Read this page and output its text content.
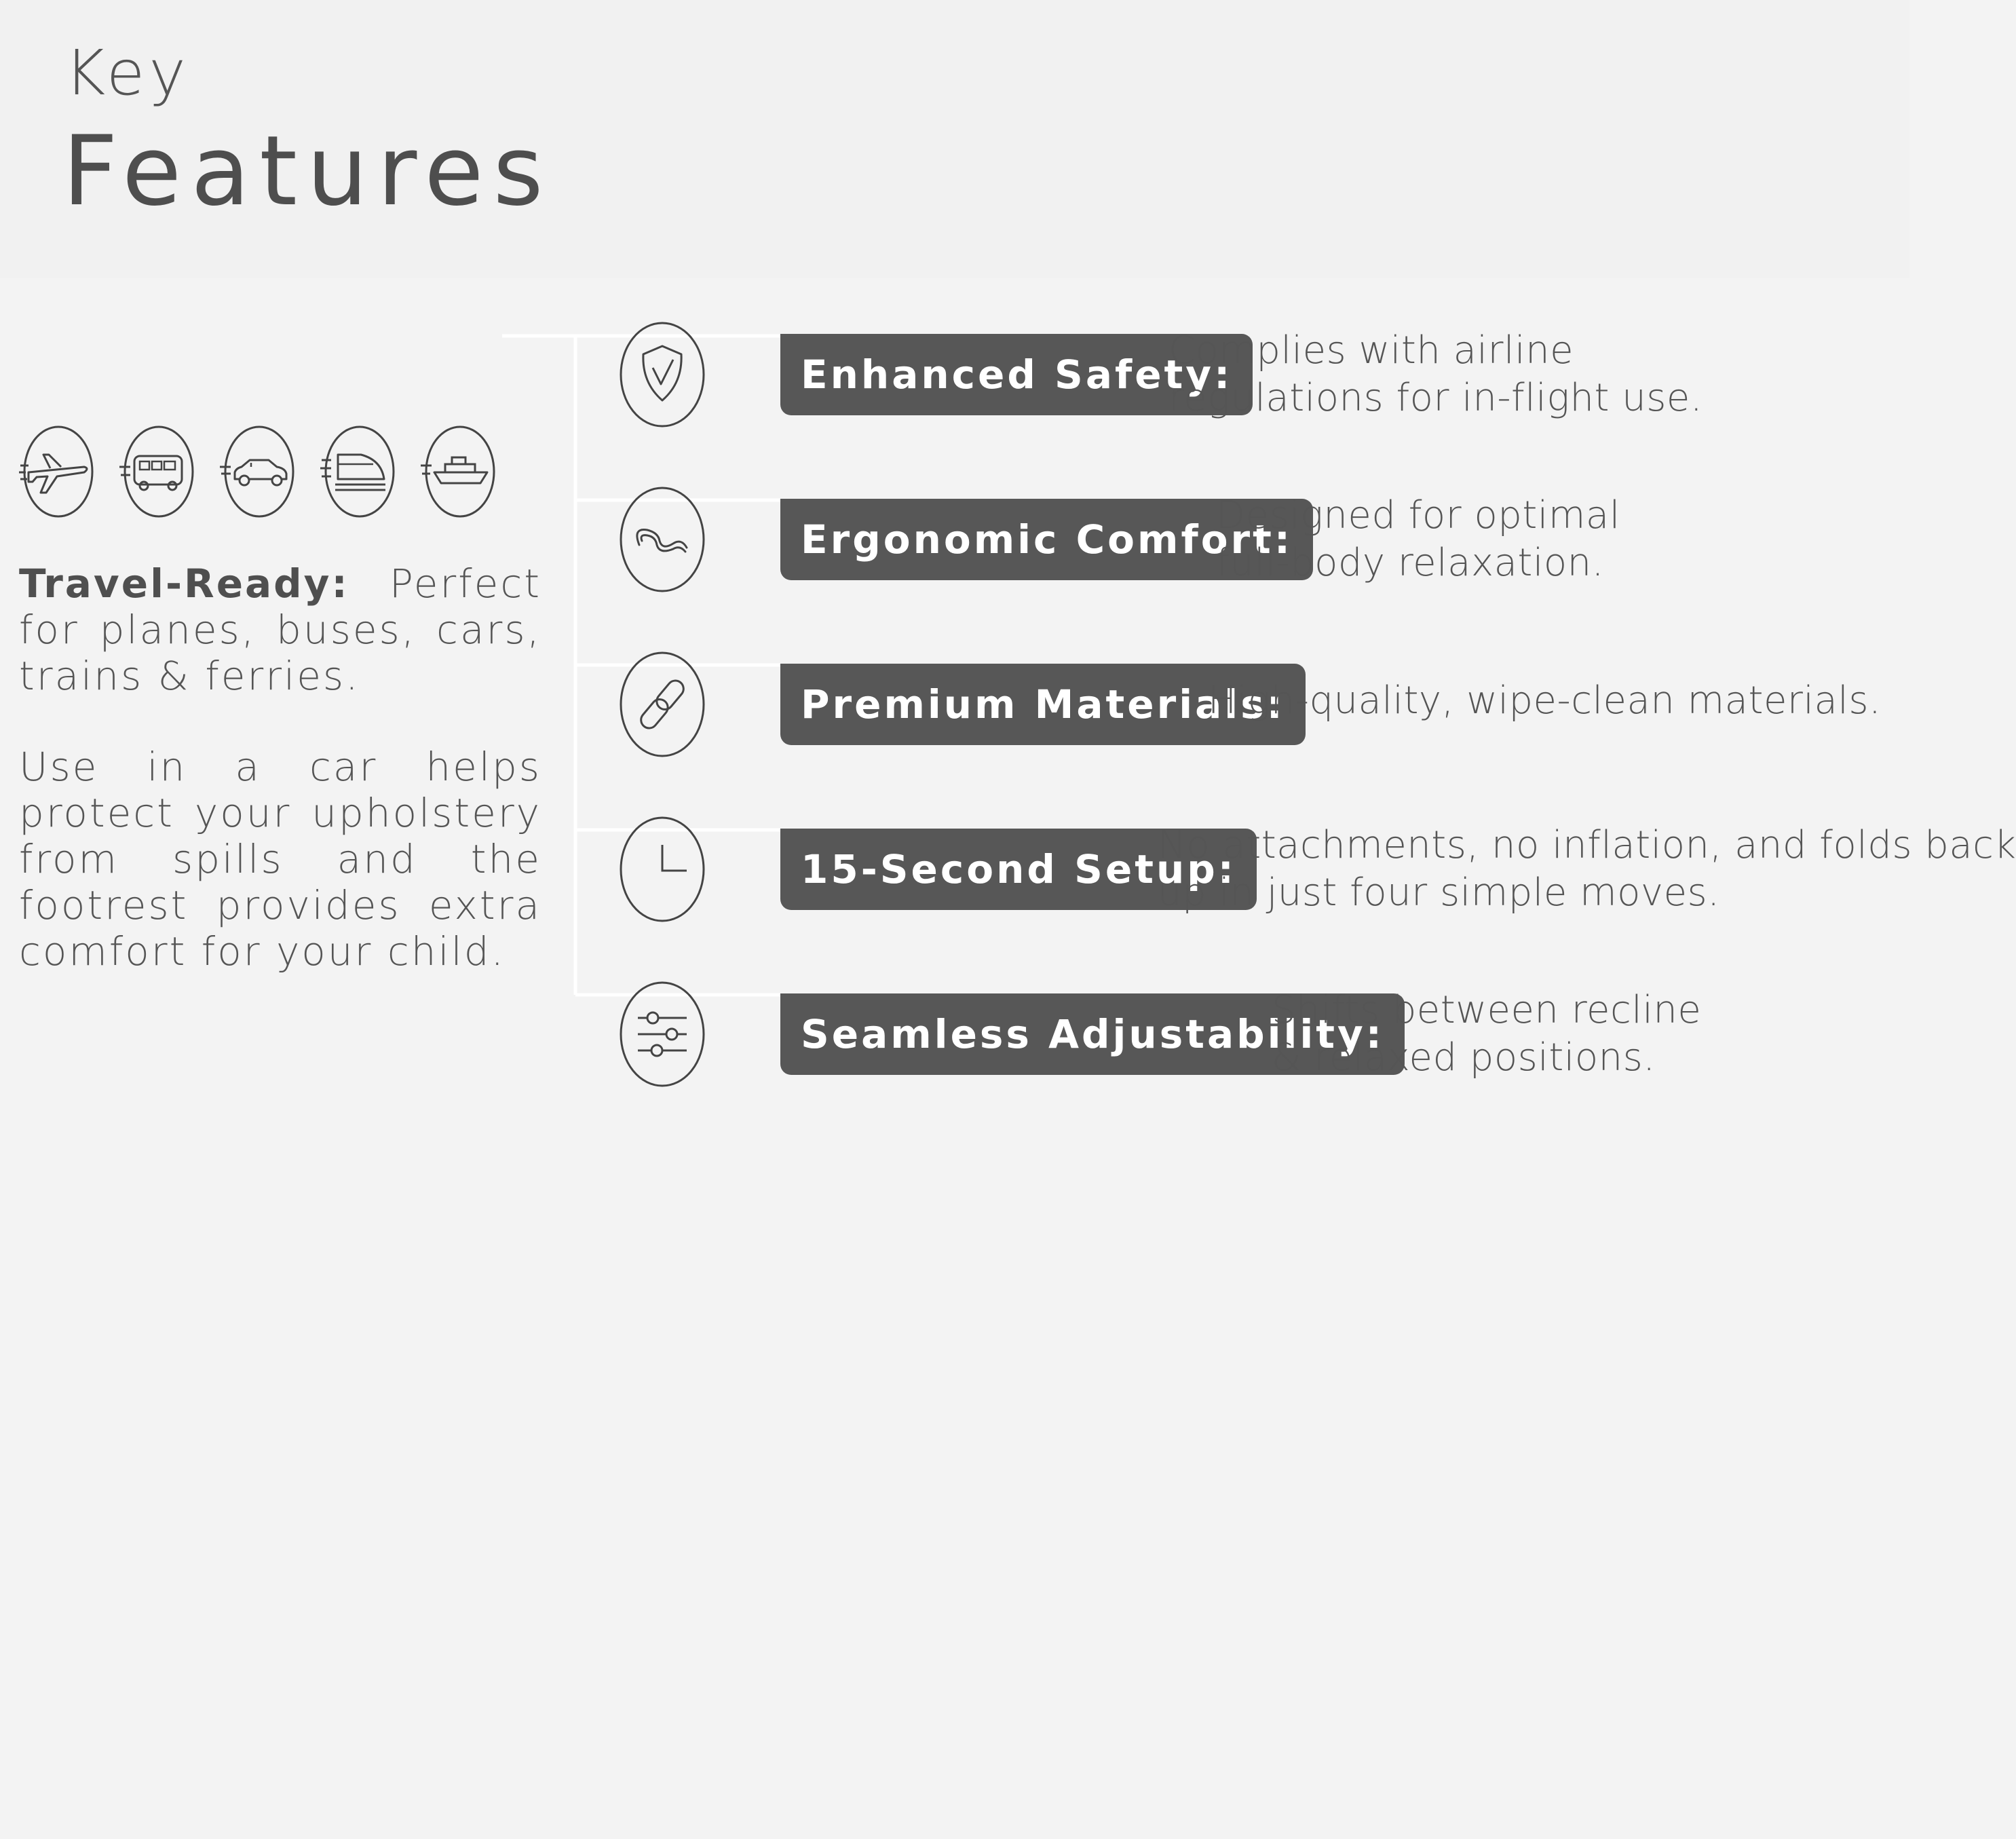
Key
Features
Travel-Ready: Perfect for planes, buses, cars, trains & ferries.
Use in a car helps protect your upholstery from spills and the footrest provides extra comfort for your child.
Enhanced Safety:
Complies with airline
regulations for in-flight use.
Ergonomic Comfort:
Designed for optimal
full-body relaxation.
Premium Materials:
High-quality, wipe-clean materials.
15-Second Setup:
No attachments, no inflation, and folds back
up in just four simple moves.
Seamless Adjustability:
Shifts between recline
& relaxed positions.
